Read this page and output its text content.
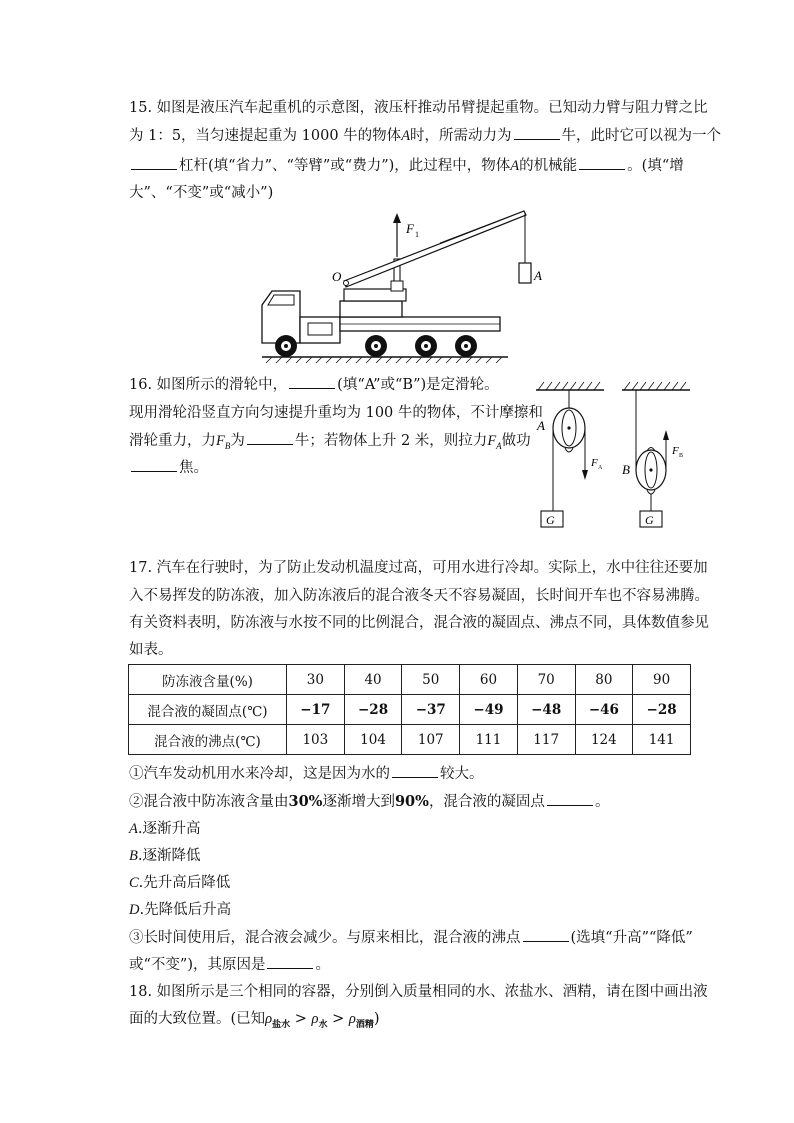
15. 如图是液压汽车起重机的示意图，液压杆推动吊臂提起重物。已知动力臂与阻力臂之比
为 1：5，当匀速提起重为 1000 牛的物体A时，所需动力为	牛，此时它可以视为一个
杠杆(填“省力”、“等臂”或“费力”)，此过程中，物体A的机械能	。(填“增
大”、“不变”或“减小”)
F 1
O	A
16. 如图所示的滑轮中，	(填“A”或“B”)是定滑轮。
现用滑轮沿竖直方向匀速提升重均为 100 牛的物体，不计摩擦和
滑轮重力，力$F_B$为	牛；若物体上升 2 米，则拉力$F_A$做功
焦。
A
F A
G
B
F B
G
17. 汽车在行驶时，为了防止发动机温度过高，可用水进行冷却。实际上，水中往往还要加
入不易挥发的防冻液，加入防冻液后的混合液冬天不容易凝固，长时间开车也不容易沸腾。
有关资料表明，防冻液与水按不同的比例混合，混合液的凝固点、沸点不同，具体数值参见
如表。
防冻液含量(%)	30	40	50	60	70	80	90
混合液的凝固点(℃)	−17	−28	−37	−49	−48	−46	−28
混合液的沸点(℃)	103	104	107	111	117	124	141
①汽车发动机用水来冷却，这是因为水的	较大。
②混合液中防冻液含量由30%逐渐增大到90%，混合液的凝固点	。
A.逐渐升高
B.逐渐降低
C.先升高后降低
D.先降低后升高
③长时间使用后，混合液会减少。与原来相比，混合液的沸点	(选填“升高”“降低”
或“不变”)，其原因是	。
18. 如图所示是三个相同的容器，分别倒入质量相同的水、浓盐水、酒精，请在图中画出液
面的大致位置。(已知$\rho_{盐水} > \rho_水 > \rho_{酒精}$)
